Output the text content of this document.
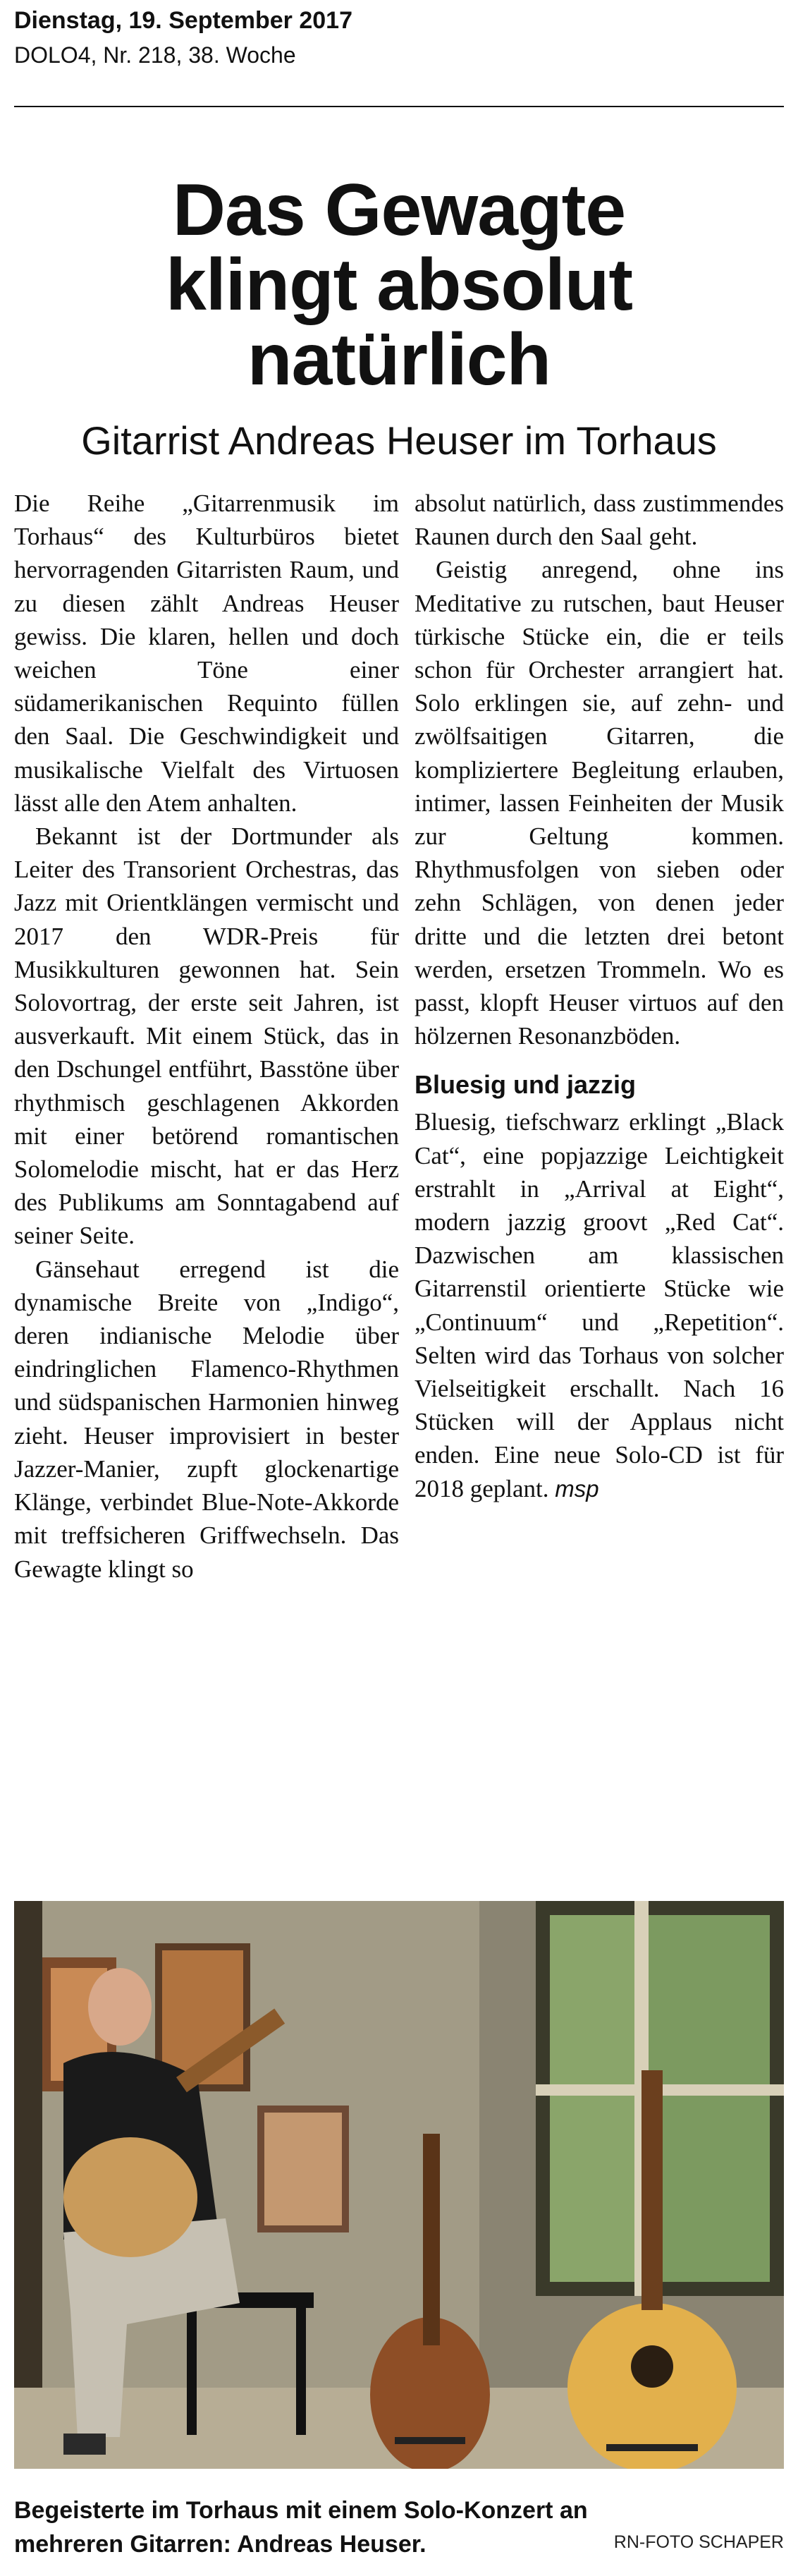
Dienstag, 19. September 2017
DOLO4, Nr. 218, 38. Woche
Das Gewagte
klingt absolut
natürlich
Gitarrist Andreas Heuser im Torhaus

Die Reihe „Gitarrenmusik im Torhaus“ des Kulturbüros bietet hervorragenden Gitarristen Raum, und zu diesen zählt Andreas Heuser gewiss. Die klaren, hellen und doch weichen Töne einer südamerikanischen Requinto füllen den Saal. Die Geschwindigkeit und musikalische Vielfalt des Virtuosen lässt alle den Atem anhalten.

Bekannt ist der Dortmunder als Leiter des Transorient Orchestras, das Jazz mit Orientklängen vermischt und 2017 den WDR-Preis für Musikkulturen gewonnen hat. Sein Solovortrag, der erste seit Jahren, ist ausverkauft. Mit einem Stück, das in den Dschungel entführt, Basstöne über rhythmisch geschlagenen Akkorden mit einer betörend romantischen Solomelodie mischt, hat er das Herz des Publikums am Sonntagabend auf seiner Seite.

Gänsehaut erregend ist die dynamische Breite von „Indigo“, deren indianische Melodie über eindringlichen Flamenco-Rhythmen und südspanischen Harmonien hinweg zieht. Heuser improvisiert in bester Jazzer-Manier, zupft glockenartige Klänge, verbindet Blue-Note-Akkorde mit treffsicheren Griffwechseln. Das Gewagte klingt so

absolut natürlich, dass zustimmendes Raunen durch den Saal geht.

Geistig anregend, ohne ins Meditative zu rutschen, baut Heuser türkische Stücke ein, die er teils schon für Orchester arrangiert hat. Solo erklingen sie, auf zehn- und zwölfsaitigen Gitarren, die kompliziertere Begleitung erlauben, intimer, lassen Feinheiten der Musik zur Geltung kommen. Rhythmusfolgen von sieben oder zehn Schlägen, von denen jeder dritte und die letzten drei betont werden, ersetzen Trommeln. Wo es passt, klopft Heuser virtuos auf den hölzernen Resonanzböden.

Bluesig und jazzig

Bluesig, tiefschwarz erklingt „Black Cat“, eine popjazzige Leichtigkeit erstrahlt in „Arrival at Eight“, modern jazzig groovt „Red Cat“. Dazwischen am klassischen Gitarrenstil orientierte Stücke wie „Continuum“ und „Repetition“. Selten wird das Torhaus von solcher Vielseitigkeit erschallt. Nach 16 Stücken will der Applaus nicht enden. Eine neue Solo-CD ist für 2018 geplant. msp

Begeisterte im Torhaus mit einem Solo-Konzert an mehreren Gitarren: Andreas Heuser.	RN-FOTO SCHAPER
